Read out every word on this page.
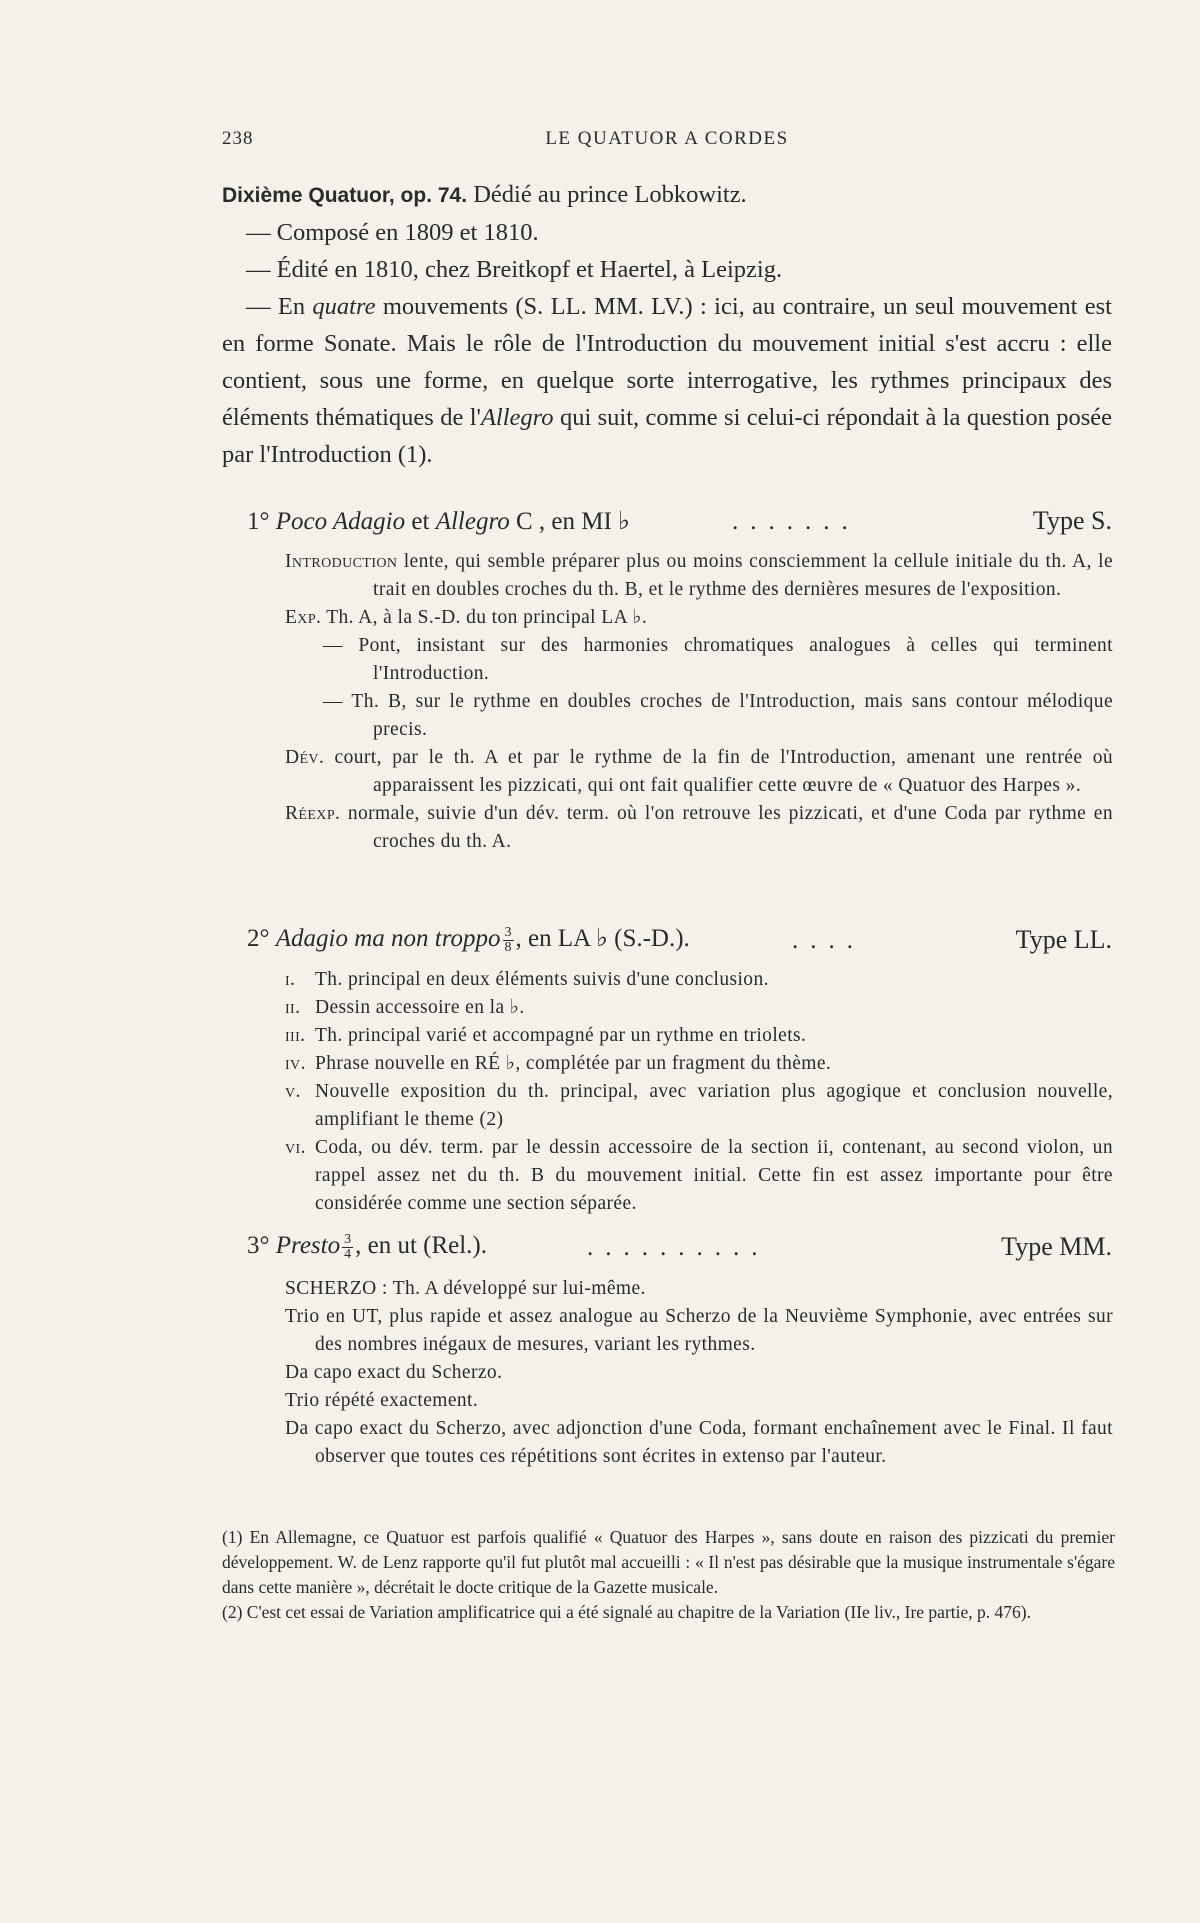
238	LE QUATUOR A CORDES

Dixième Quatuor, op. 74. Dédié au prince Lobkowitz.

— Composé en 1809 et 1810.

— Édité en 1810, chez Breitkopf et Haertel, à Leipzig.

— En quatre mouvements (S. LL. MM. LV.) : ici, au contraire, un seul mouvement est en forme Sonate. Mais le rôle de l'Introduction du mouvement initial s'est accru : elle contient, sous une forme, en quelque sorte interrogative, les rythmes principaux des éléments thématiques de l'Allegro qui suit, comme si celui-ci répondait à la question posée par l'Introduction (1).

1° Poco Adagio et Allegro C , en MI ♭	.......	Type S.

Introduction lente, qui semble préparer plus ou moins consciemment la cellule initiale du th. A, le trait en doubles croches du th. B, et le rythme des dernières mesures de l'exposition.

Exp. Th. A, à la S.-D. du ton principal LA ♭.

— Pont, insistant sur des harmonies chromatiques analogues à celles qui terminent l'Introduction.

— Th. B, sur le rythme en doubles croches de l'Introduction, mais sans contour mélodique precis.

Dév. court, par le th. A et par le rythme de la fin de l'Introduction, amenant une rentrée où apparaissent les pizzicati, qui ont fait qualifier cette œuvre de « Quatuor des Harpes ».

Réexp. normale, suivie d'un dév. term. où l'on retrouve les pizzicati, et d'une Coda par rythme en croches du th. A.

2° Adagio ma non troppo $\frac{3}{8}$ , en LA ♭ (S.-D.).	....	Type LL.

i. Th. principal en deux éléments suivis d'une conclusion.

ii. Dessin accessoire en la ♭.

iii. Th. principal varié et accompagné par un rythme en triolets.

iv. Phrase nouvelle en RÉ ♭, complétée par un fragment du thème.

v. Nouvelle exposition du th. principal, avec variation plus agogique et conclusion nouvelle, amplifiant le theme (2)

vi. Coda, ou dév. term. par le dessin accessoire de la section ii, contenant, au second violon, un rappel assez net du th. B du mouvement initial. Cette fin est assez importante pour être considérée comme une section séparée.

3° Presto $\frac{3}{4}$ , en ut (Rel.).	..........	Type MM.

SCHERZO : Th. A développé sur lui-même.

Trio en UT, plus rapide et assez analogue au Scherzo de la Neuvième Symphonie, avec entrées sur des nombres inégaux de mesures, variant les rythmes.

Da capo exact du Scherzo.

Trio répété exactement.

Da capo exact du Scherzo, avec adjonction d'une Coda, formant enchaînement avec le Final. Il faut observer que toutes ces répétitions sont écrites in extenso par l'auteur.

(1) En Allemagne, ce Quatuor est parfois qualifié « Quatuor des Harpes », sans doute en raison des pizzicati du premier développement. W. de Lenz rapporte qu'il fut plutôt mal accueilli : « Il n'est pas désirable que la musique instrumentale s'égare dans cette manière », décrétait le docte critique de la Gazette musicale.

(2) C'est cet essai de Variation amplificatrice qui a été signalé au chapitre de la Variation (IIe liv., Ire partie, p. 476).
